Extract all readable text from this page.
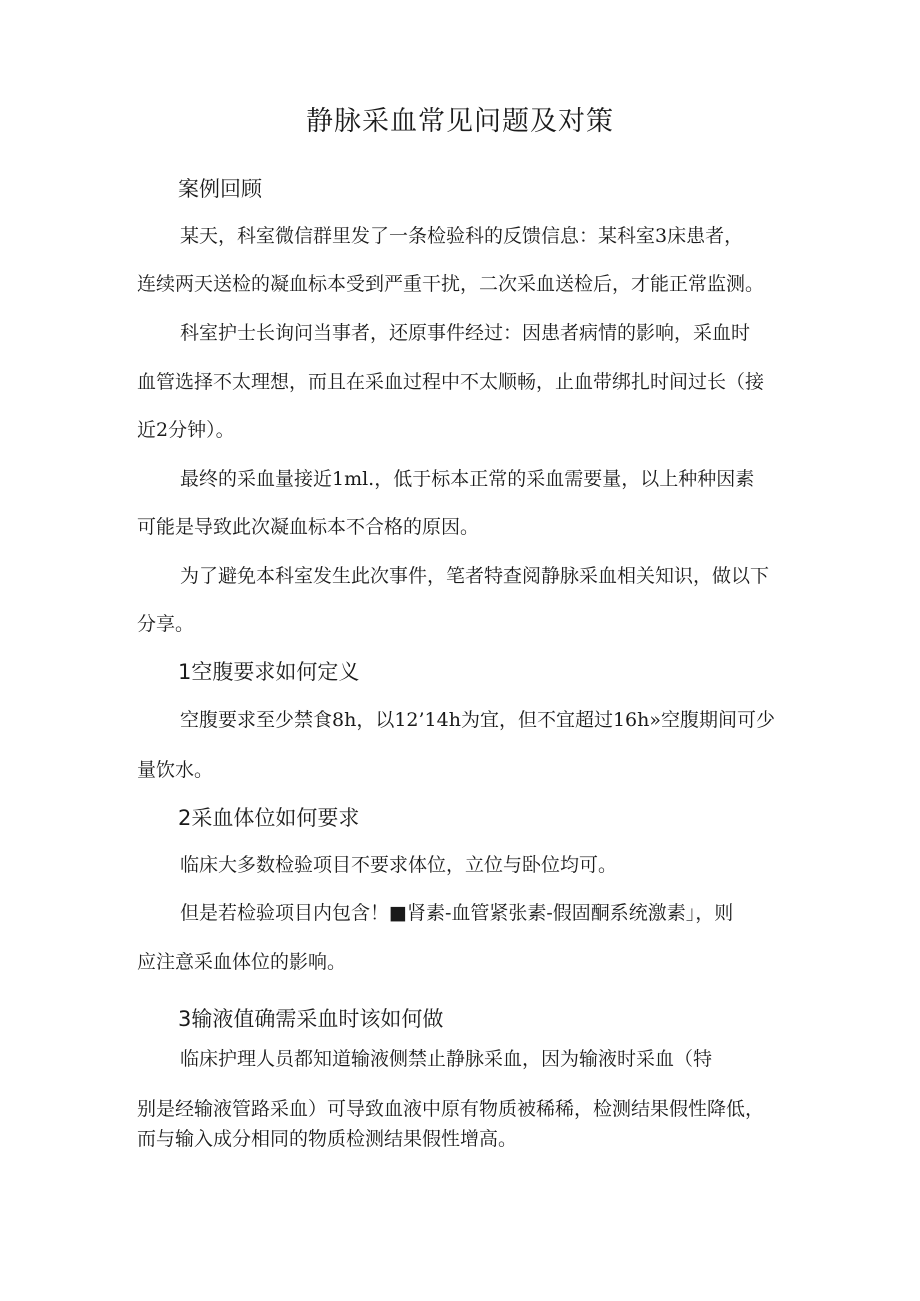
静脉采血常见问题及对策
案例回顾
某天，科室微信群里发了一条检验科的反馈信息：某科室3床患者，
连续两天送检的凝血标本受到严重干扰，二次采血送检后，才能正常监测。
科室护士长询问当事者，还原事件经过：因患者病情的影响，采血时
血管选择不太理想，而且在采血过程中不太顺畅，止血带绑扎时间过长（接
近2分钟）。
最终的采血量接近1ml.，低于标本正常的采血需要量，以上种种因素
可能是导致此次凝血标本不合格的原因。
为了避免本科室发生此次事件，笔者特查阅静脉采血相关知识，做以下
分享。
1空腹要求如何定义
空腹要求至少禁食8h，以12’14h为宜，但不宜超过16h»空腹期间可少
量饮水。
2采血体位如何要求
临床大多数检验项目不要求体位，立位与卧位均可。
但是若检验项目内包含！■肾素-血管紧张素-假固酮系统激素」，则
应注意采血体位的影响。
3输液值确需采血时该如何做
临床护理人员都知道输液侧禁止静脉采血，因为输液时采血（特
别是经输液管路采血）可导致血液中原有物质被稀稀，检测结果假性降低，
而与输入成分相同的物质检测结果假性增高。
